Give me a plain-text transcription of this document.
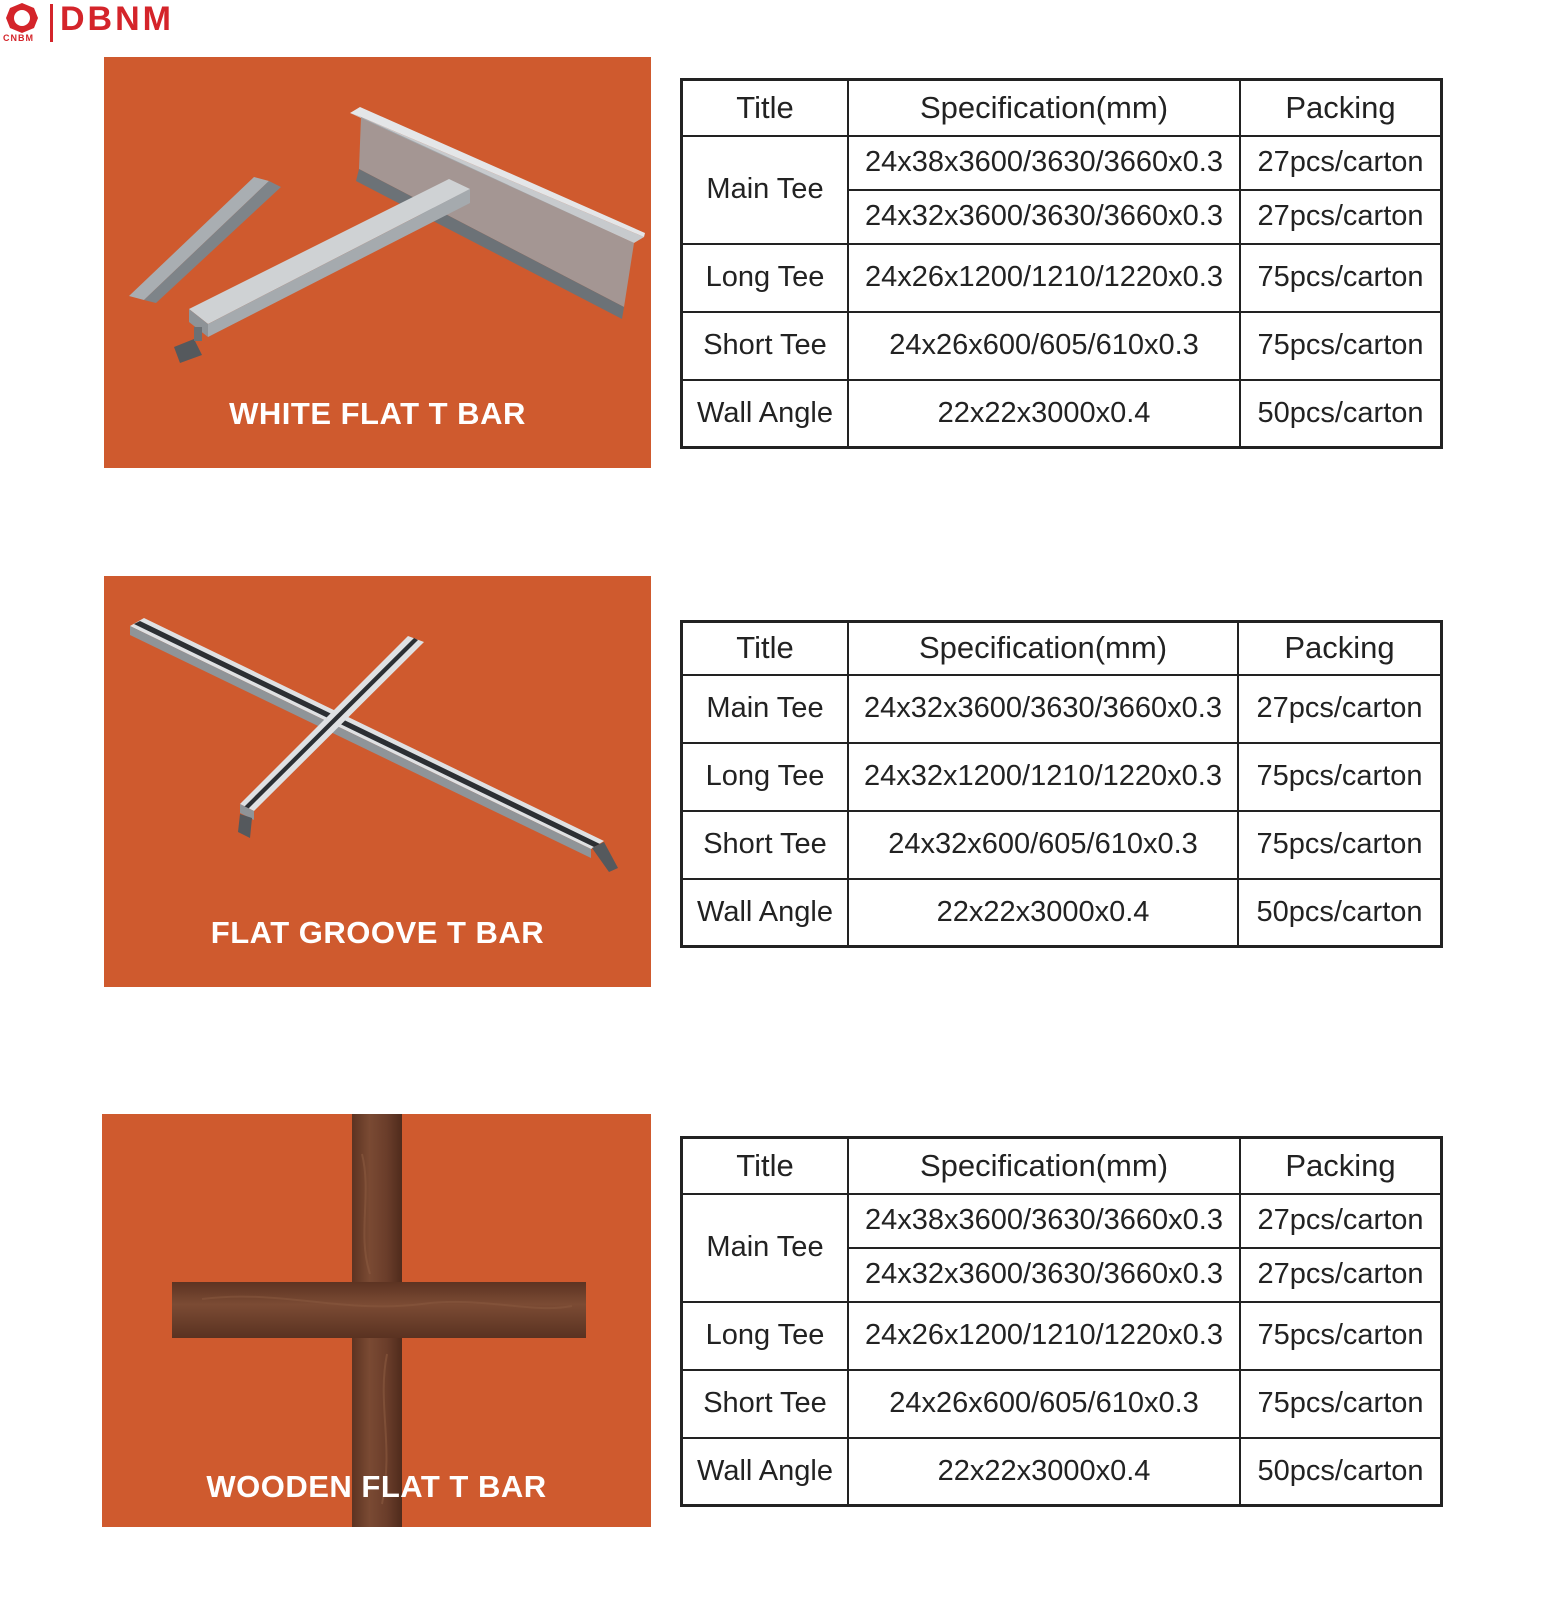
CNBM DBNM
WHITE FLAT T BAR
Title	Specification(mm)	Packing
Main Tee	24x38x3600/3630/3660x0.3	27pcs/carton
	24x32x3600/3630/3660x0.3	27pcs/carton
Long Tee	24x26x1200/1210/1220x0.3	75pcs/carton
Short Tee	24x26x600/605/610x0.3	75pcs/carton
Wall Angle	22x22x3000x0.4	50pcs/carton
FLAT GROOVE T BAR
Title	Specification(mm)	Packing
Main Tee	24x32x3600/3630/3660x0.3	27pcs/carton
Long Tee	24x32x1200/1210/1220x0.3	75pcs/carton
Short Tee	24x32x600/605/610x0.3	75pcs/carton
Wall Angle	22x22x3000x0.4	50pcs/carton
WOODEN FLAT T BAR
Title	Specification(mm)	Packing
Main Tee	24x38x3600/3630/3660x0.3	27pcs/carton
	24x32x3600/3630/3660x0.3	27pcs/carton
Long Tee	24x26x1200/1210/1220x0.3	75pcs/carton
Short Tee	24x26x600/605/610x0.3	75pcs/carton
Wall Angle	22x22x3000x0.4	50pcs/carton
